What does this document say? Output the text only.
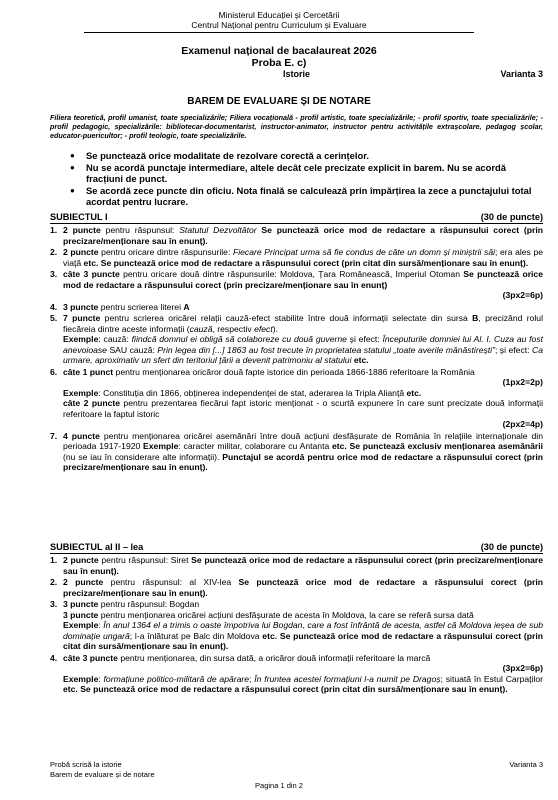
Ministerul Educației și Cercetării
Centrul Național pentru Curriculum și Evaluare
Examenul național de bacalaureat 2026
Proba E. c)
Istorie	Varianta 3
BAREM DE EVALUARE ȘI DE NOTARE
Filiera teoretică, profil umanist, toate specializările; Filiera vocațională - profil artistic, toate specializările; - profil sportiv, toate specializările; - profil pedagogic, specializările: bibliotecar-documentarist, instructor-animator, instructor pentru activitățile extrașcolare, pedagog școlar, educator-puericultor; - profil teologic, toate specializările.
● Se punctează orice modalitate de rezolvare corectă a cerințelor.
● Nu se acordă punctaje intermediare, altele decât cele precizate explicit în barem. Nu se acordă fracțiuni de punct.
● Se acordă zece puncte din oficiu. Nota finală se calculează prin împărțirea la zece a punctajului total acordat pentru lucrare.
SUBIECTUL I	(30 de puncte)
1. 2 puncte pentru răspunsul: Statutul Dezvoltător Se punctează orice mod de redactare a răspunsului corect (prin precizare/menționare sau în enunț).
2. 2 puncte pentru oricare dintre răspunsurile: Fiecare Principat urma să fie condus de câte un domn și miniștrii săi; era ales pe viață etc. Se punctează orice mod de redactare a răspunsului corect (prin citat din sursă/menționare sau în enunț).
3. câte 3 puncte pentru oricare două dintre răspunsurile: Moldova, Țara Românească, Imperiul Otoman Se punctează orice mod de redactare a răspunsului corect (prin precizare/menționare sau în enunț)
(3px2=6p)
4. 3 puncte pentru scrierea literei A
5. 7 puncte pentru scrierea oricărei relații cauză-efect stabilite între două informații selectate din sursa B, precizând rolul fiecăreia dintre aceste informații (cauză, respectiv efect).
Exemple: cauză: fiindcă domnul ei obligă să colaboreze cu două guverne și efect: Începuturile domniei lui Al. I. Cuza au fost anevoioase SAU cauză: Prin legea din [...] 1863 au fost trecute în proprietatea statului „toate averile mănăstirești”; și efect: Ca urmare, aproximativ un sfert din teritoriul țării a devenit patrimoniu al statului etc.
6. câte 1 punct pentru menționarea oricăror două fapte istorice din perioada 1866-1886 referitoare la România
(1px2=2p)
Exemple: Constituția din 1866, obținerea independenței de stat, aderarea la Tripla Alianță etc.
câte 2 puncte pentru prezentarea fiecărui fapt istoric menționat - o scurtă expunere în care sunt precizate două informații referitoare la faptul istoric
(2px2=4p)
7. 4 puncte pentru menționarea oricărei asemănări între două acțiuni desfășurate de România în relațiile internaționale din perioada 1917-1920 Exemple: caracter militar, colaborare cu Antanta etc. Se punctează exclusiv menționarea asemănării (nu se iau în considerare alte informații). Punctajul se acordă pentru orice mod de redactare a răspunsului corect (prin precizare/menționare sau în enunț).
SUBIECTUL al II – lea	(30 de puncte)
1. 2 puncte pentru răspunsul: Siret Se punctează orice mod de redactare a răspunsului corect (prin precizare/menționare sau în enunț).
2. 2 puncte pentru răspunsul: al XIV-lea Se punctează orice mod de redactare a răspunsului corect (prin precizare/menționare sau în enunț).
3. 3 puncte pentru răspunsul: Bogdan
3 puncte pentru menționarea oricărei acțiuni desfășurate de acesta în Moldova, la care se referă sursa dată
Exemple: În anul 1364 el a trimis o oaste împotriva lui Bogdan, care a fost înfrântă de acesta, astfel că Moldova ieșea de sub dominație ungară; l-a înlăturat pe Balc din Moldova etc. Se punctează orice mod de redactare a răspunsului corect (prin citat din sursă/menționare sau în enunț).
4. câte 3 puncte pentru menționarea, din sursa dată, a oricăror două informații referitoare la marcă
(3px2=6p)
Exemple: formațiune politico-militară de apărare; În fruntea acestei formațiuni l-a numit pe Dragoș; situată în Estul Carpaților etc. Se punctează orice mod de redactare a răspunsului corect (prin citat din sursă/menționare sau în enunț).
Probă scrisă la istorie
Barem de evaluare și de notare
Varianta 3
Pagina 1 din 2
